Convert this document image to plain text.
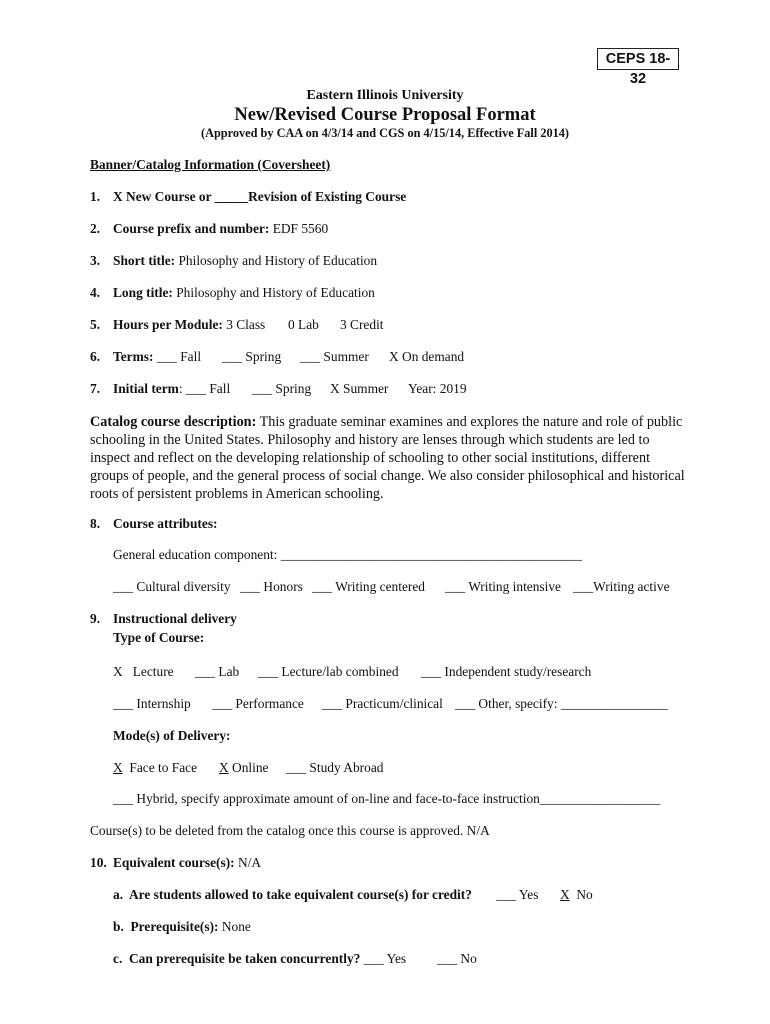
CEPS 18-32
Eastern Illinois University
New/Revised Course Proposal Format
(Approved by CAA on 4/3/14 and CGS on 4/15/14, Effective Fall 2014)
Banner/Catalog Information (Coversheet)
1. X New Course or _____Revision of Existing Course
2. Course prefix and number: EDF 5560
3. Short title: Philosophy and History of Education
4. Long title: Philosophy and History of Education
5. Hours per Module: 3 Class 0 Lab 3 Credit
6. Terms: ___ Fall ___ Spring ___ Summer X On demand
7. Initial term : ___ Fall ___ Spring X Summer Year: 2019
Catalog course description: This graduate seminar examines and explores the nature and role of public schooling in the United States. Philosophy and history are lenses through which students are led to inspect and reflect on the developing relationship of schooling to other social institutions, different groups of people, and the general process of social change. We also consider philosophical and historical roots of persistent problems in American schooling.
8. Course attributes:
General education component: _____________________________________________
___ Cultural diversity ___ Honors ___ Writing centered ___ Writing intensive ___Writing active
9. Instructional delivery
Type of Course:
X   Lecture ___ Lab ___ Lecture/lab combined ___ Independent study/research
___ Internship ___ Performance ___ Practicum/clinical ___ Other, specify: ________________
Mode(s) of Delivery:
X Face to Face X Online ___ Study Abroad
___ Hybrid, specify approximate amount of on-line and face-to-face instruction__________________
Course(s) to be deleted from the catalog once this course is approved. N/A
10. Equivalent course(s): N/A
a.  Are students allowed to take equivalent course(s) for credit? ___ Yes X No
b.  Prerequisite(s): None
c.  Can prerequisite be taken concurrently? ___ Yes ___ No
